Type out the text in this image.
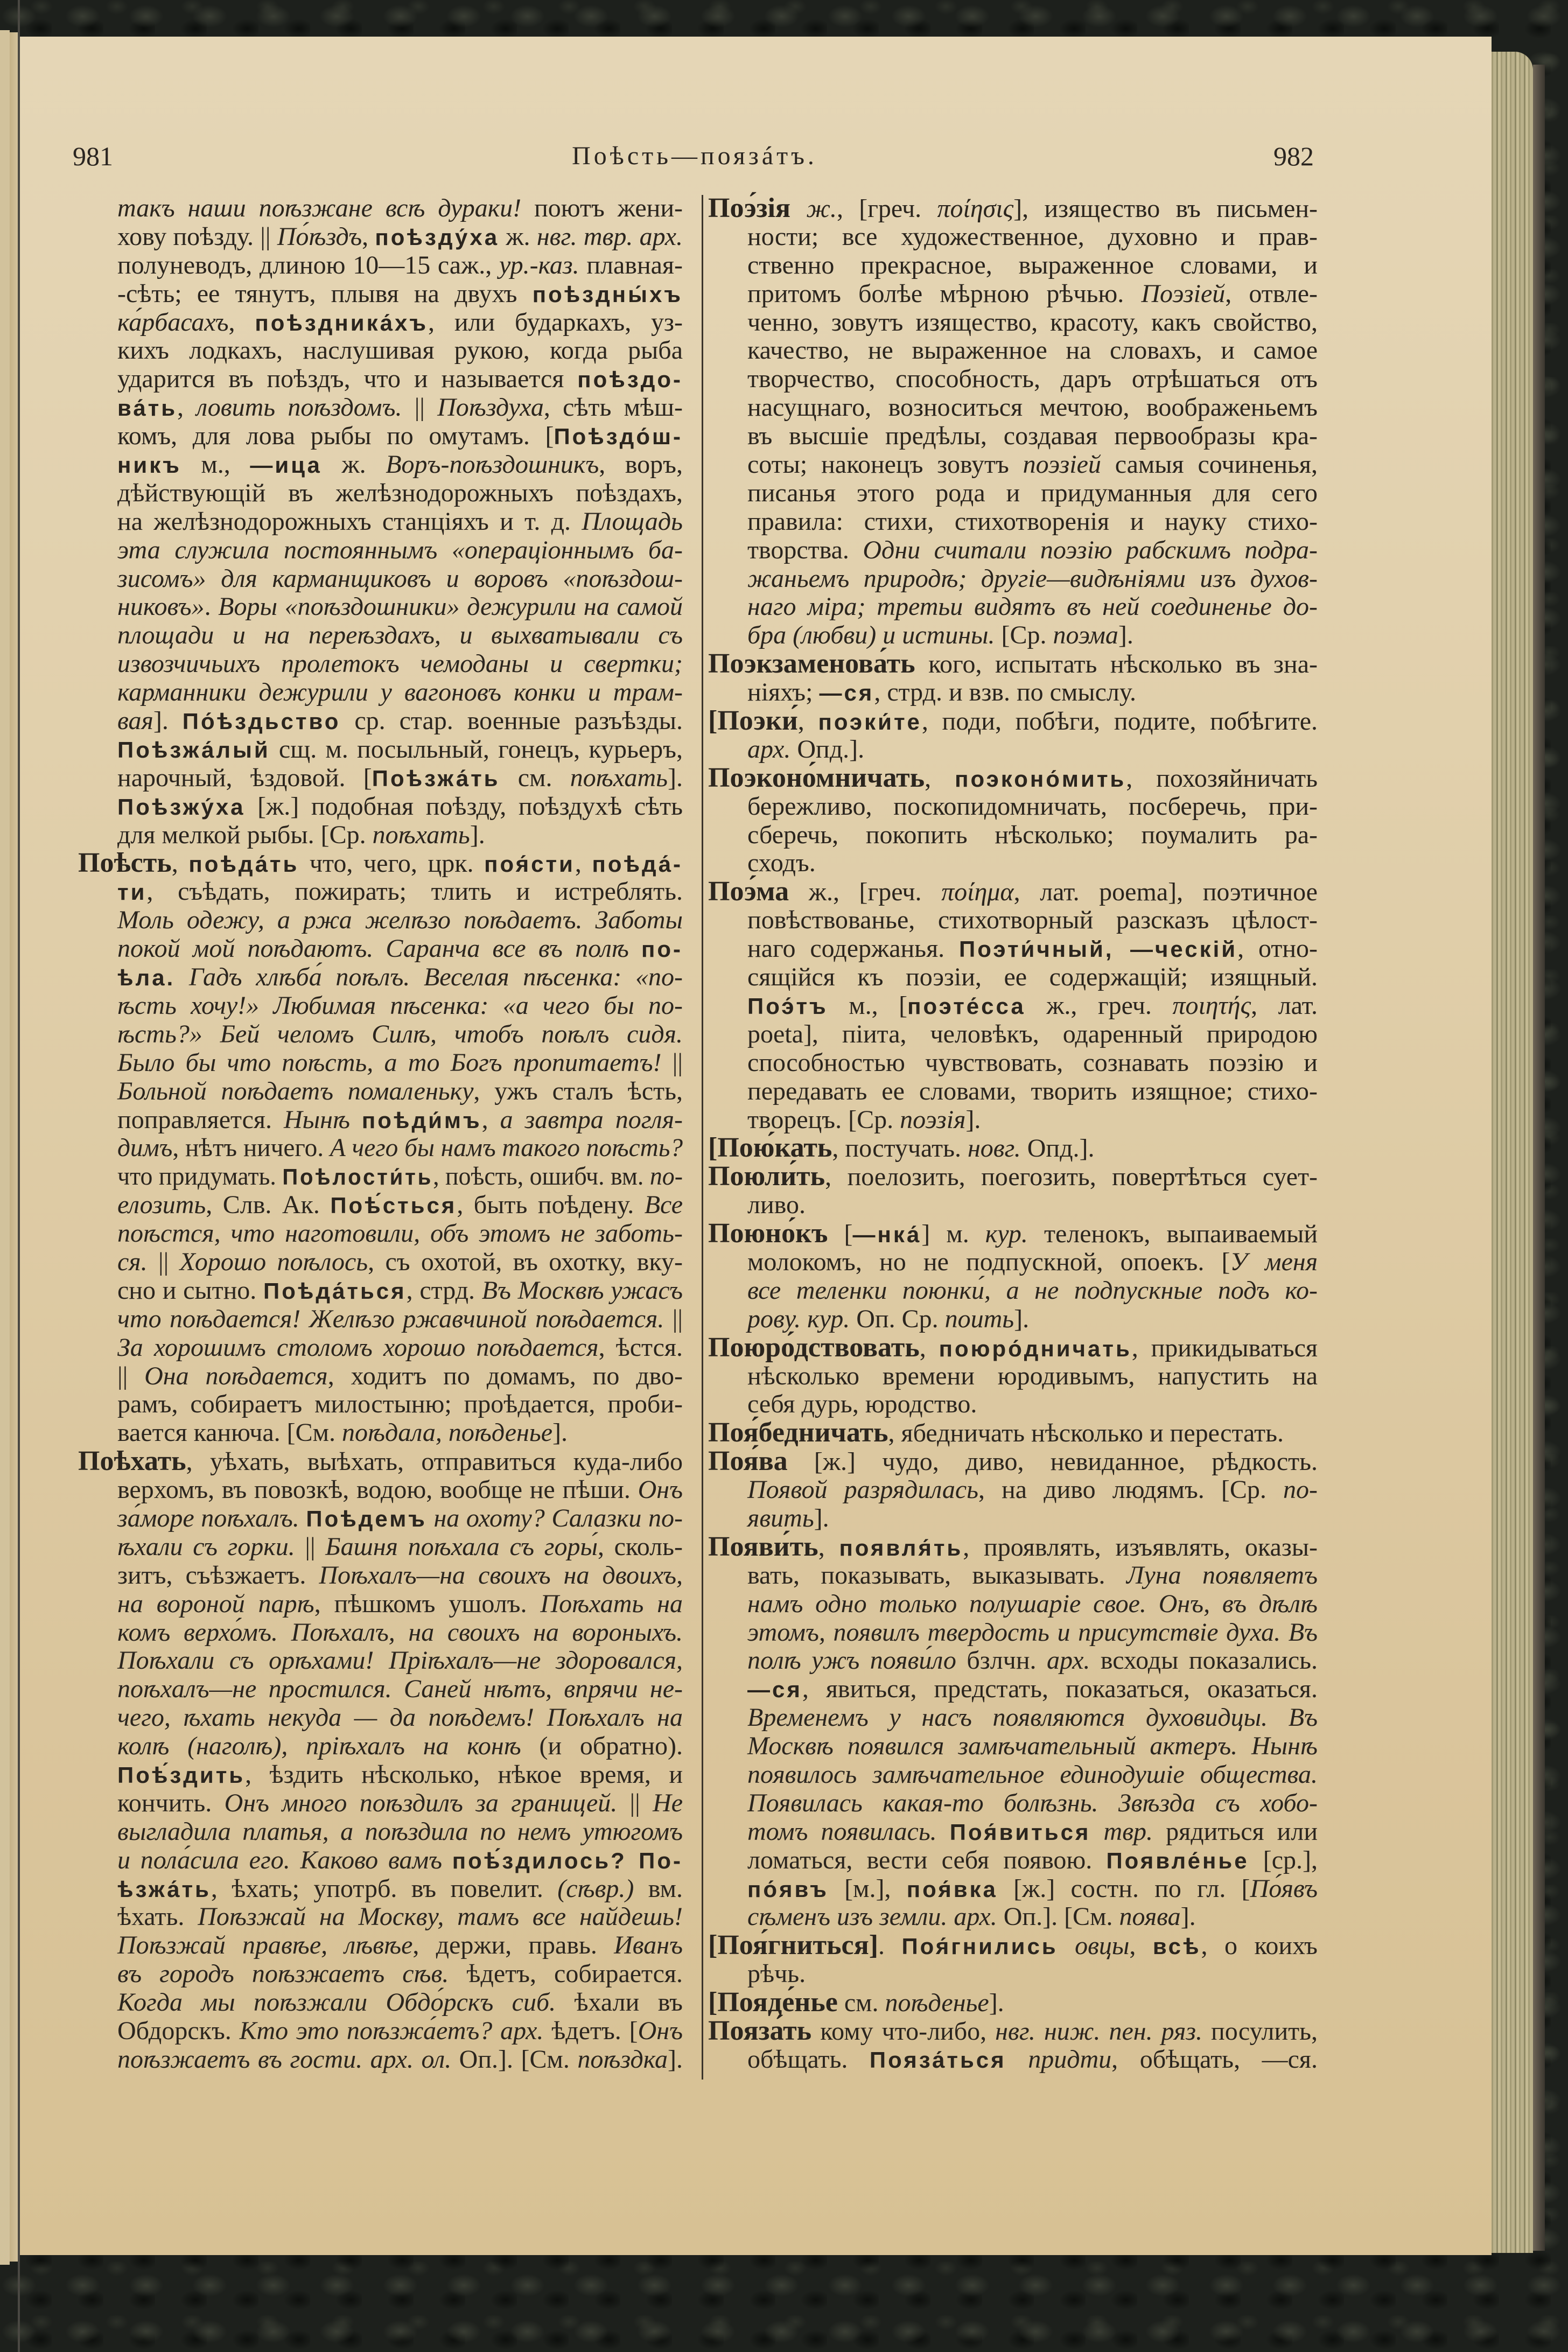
981	Поѣсть—поязáтъ.	982
такъ наши поѣзжане всѣ дураки! поютъ жени-
хову поѣзду. || По́ѣздъ, поѣзду́ха ж. нвг. твр. арх.
полуневодъ, длиною 10—15 саж., ур.-каз. плавная-
-сѣть; ее тянутъ, плывя на двухъ поѣздны́хъ
ка́рбасахъ, поѣздника́хъ, или бударкахъ, уз-
кихъ лодкахъ, наслушивая рукою, когда рыба
ударится въ поѣздъ, что и называется поѣздо-
ва́ть, ловить поѣздомъ. || Поѣздуха, сѣть мѣш-
комъ, для лова рыбы по омутамъ. [Поѣздо́ш-
никъ м., —ица ж. Воръ-поѣздошникъ, воръ,
дѣйствующій въ желѣзнодорожныхъ поѣздахъ,
на желѣзнодорожныхъ станціяхъ и т. д. Площадь
эта служила постояннымъ «операціоннымъ ба-
зисомъ» для карманщиковъ и воровъ «поѣздош-
никовъ». Воры «поѣздошники» дежурили на самой
площади и на переѣздахъ, и выхватывали съ
извозчичьихъ пролетокъ чемоданы и свертки;
карманники дежурили у вагоновъ конки и трам-
вая]. По́ѣздьство ср. стар. военные разъѣзды.
Поѣзжа́лый сщ. м. посыльный, гонецъ, курьеръ,
нарочный, ѣздовой. [Поѣзжа́ть см. поѣхать].
Поѣзжу́ха [ж.] подобная поѣзду, поѣздухѣ сѣть
для мелкой рыбы. [Ср. поѣхать].
Поѣсть, поѣда́ть что, чего, црк. поя́сти, поѣда́-
ти, съѣдать, пожирать; тлить и истреблять.
Моль одежу, а ржа желѣзо поѣдаетъ. Заботы
покой мой поѣдаютъ. Саранча все въ полѣ по-
ѣла. Гадъ хлѣба́ поѣлъ. Веселая пѣсенка: «по-
ѣсть хочу!» Любимая пѣсенка: «а чего бы по-
ѣсть?» Бей челомъ Силѣ, чтобъ поѣлъ сидя.
Было бы что поѣсть, а то Богъ пропитаетъ! ||
Больной поѣдаетъ помаленьку, ужъ сталъ ѣсть,
поправляется. Нынѣ поѣди́мъ, а завтра погля-
димъ, нѣтъ ничего. А чего бы намъ такого поѣсть?
что придумать. Поѣлости́ть, поѣсть, ошибч. вм. по-
елозить, Слв. Ак. Поѣ́сться, быть поѣдену. Все
поѣстся, что наготовили, объ этомъ не заботь-
ся. || Хорошо поѣлось, съ охотой, въ охотку, вку-
сно и сытно. Поѣда́ться, стрд. Въ Москвѣ ужасъ
что поѣдается! Желѣзо ржавчиной поѣдается. ||
За хорошимъ столомъ хорошо поѣдается, ѣстся.
|| Она поѣдается, ходитъ по домамъ, по дво-
рамъ, собираетъ милостыню; проѣдается, проби-
вается канюча. [См. поѣдала, поѣденье].
Поѣхать, уѣхать, выѣхать, отправиться куда-либо
верхомъ, въ повозкѣ, водою, вообще не пѣши. Онъ
за́море поѣхалъ. Поѣдемъ на охоту? Салазки по-
ѣхали съ горки. || Башня поѣхала съ горы́, сколь-
зитъ, съѣзжаетъ. Поѣхалъ—на своихъ на двоихъ,
на вороной парѣ, пѣшкомъ ушолъ. Поѣхать на
комъ верхо́мъ. Поѣхалъ, на своихъ на вороныхъ.
Поѣхали съ орѣхами! Пріѣхалъ—не здоровался,
поѣхалъ—не простился. Саней нѣтъ, впрячи не-
чего, ѣхать некуда — да поѣдемъ! Поѣхалъ на
колѣ (наголѣ), пріѣхалъ на конѣ (и обратно).
Поѣ́здить, ѣздить нѣсколько, нѣкое время, и
кончить. Онъ много поѣздилъ за границей. || Не
выгладила платья, а поѣздила по немъ утюгомъ
и пола́сила его. Каково вамъ поѣ́здилось? По-
ѣзжа́ть, ѣхать; употрб. въ повелит. (сѣвр.) вм.
ѣхать. Поѣзжай на Москву, тамъ все найдешь!
Поѣзжай правѣе, лѣвѣе, держи, правь. Иванъ
въ городъ поѣзжаетъ сѣв. ѣдетъ, собирается.
Когда мы поѣзжали Обдо́рскъ сиб. ѣхали въ
Обдорскъ. Кто это поѣзжа́етъ? арх. ѣдетъ. [Онъ
поѣзжаетъ въ гости. арх. ол. Оп.]. [См. поѣздка].
Поэ́зія ж., [греч. ποίησις], изящество въ письмен-
ности; все художественное, духовно и прав-
ственно прекрасное, выраженное словами, и
притомъ болѣе мѣрною рѣчью. Поэзіей, отвле-
ченно, зовутъ изящество, красоту, какъ свойство,
качество, не выраженное на словахъ, и самое
творчество, способность, даръ отрѣшаться отъ
насущнаго, возноситься мечтою, воображеньемъ
въ высшіе предѣлы, создавая первообразы кра-
соты; наконецъ зовутъ поэзіей самыя сочиненья,
писанья этого рода и придуманныя для сего
правила: стихи, стихотворенія и науку стихо-
творства. Одни считали поэзію рабскимъ подра-
жаньемъ природѣ; другіе—видѣніями изъ духов-
наго міра; третьи видятъ въ ней соединенье до-
бра (любви) и истины. [Ср. поэма].
Поэкзаменова́ть кого, испытать нѣсколько въ зна-
ніяхъ; —ся, стрд. и взв. по смыслу.
[Поэки́, поэки́те, поди, побѣги, подите, побѣгите.
арх. Опд.].
Поэконо́мничать, поэконо́мить, похозяйничать
бережливо, поскопидомничать, посберечь, при-
сберечь, покопить нѣсколько; поумалить ра-
сходъ.
Поэ́ма ж., [греч. ποίημα, лат. poema], поэтичное
повѣствованье, стихотворный разсказъ цѣлост-
наго содержанья. Поэти́чный, —ческій, отно-
сящійся къ поэзіи, ее содержащій; изящный.
Поэ́тъ м., [поэте́сса ж., греч. ποιητής, лат.
poeta], піита, человѣкъ, одаренный природою
способностью чувствовать, сознавать поэзію и
передавать ее словами, творить изящное; стихо-
творецъ. [Ср. поэзія].
[Пою́кать, постучать. новг. Опд.].
Поюли́ть, поелозить, поегозить, повертѣться сует-
ливо.
Поюно́къ [—нка́] м. кур. теленокъ, выпаиваемый
молокомъ, но не подпускной, опоекъ. [У меня
все теленки поюнки́, а не подпускные подъ ко-
рову. кур. Оп. Ср. поить].
Поюро́дствовать, поюро́дничать, прикидываться
нѣсколько времени юродивымъ, напустить на
себя дурь, юродство.
Поя́бедничать, ябедничать нѣсколько и перестать.
Поя́ва [ж.] чудо, диво, невиданное, рѣдкость.
Появой разрядилась, на диво людямъ. [Ср. по-
явить].
Появи́ть, появля́ть, проявлять, изъявлять, оказы-
вать, показывать, выказывать. Луна появляетъ
намъ одно только полушаріе свое. Онъ, въ дѣлѣ
этомъ, появилъ твердость и присутствіе духа. Въ
полѣ ужъ появи́ло бзлчн. арх. всходы показались.
—ся, явиться, предстать, показаться, оказаться.
Временемъ у насъ появляются духовидцы. Въ
Москвѣ появился замѣчательный актеръ. Нынѣ
появилось замѣчательное единодушіе общества.
Появилась какая-то болѣзнь. Звѣзда съ хобо-
томъ появилась. Поя́виться твр. рядиться или
ломаться, вести себя появою. Появле́нье [ср.],
по́явъ [м.], поя́вка [ж.] состн. по гл. [По́явъ
сѣменъ изъ земли. арх. Оп.]. [См. поява].
[Поя́гниться]. Поя́гнились овцы, всѣ, о коихъ
рѣчь.
[Пояде́нье см. поѣденье].
Пояза́ть кому что-либо, нвг. ниж. пен. ряз. посулить,
обѣщать. Пояза́ться придти, обѣщать, —ся.
